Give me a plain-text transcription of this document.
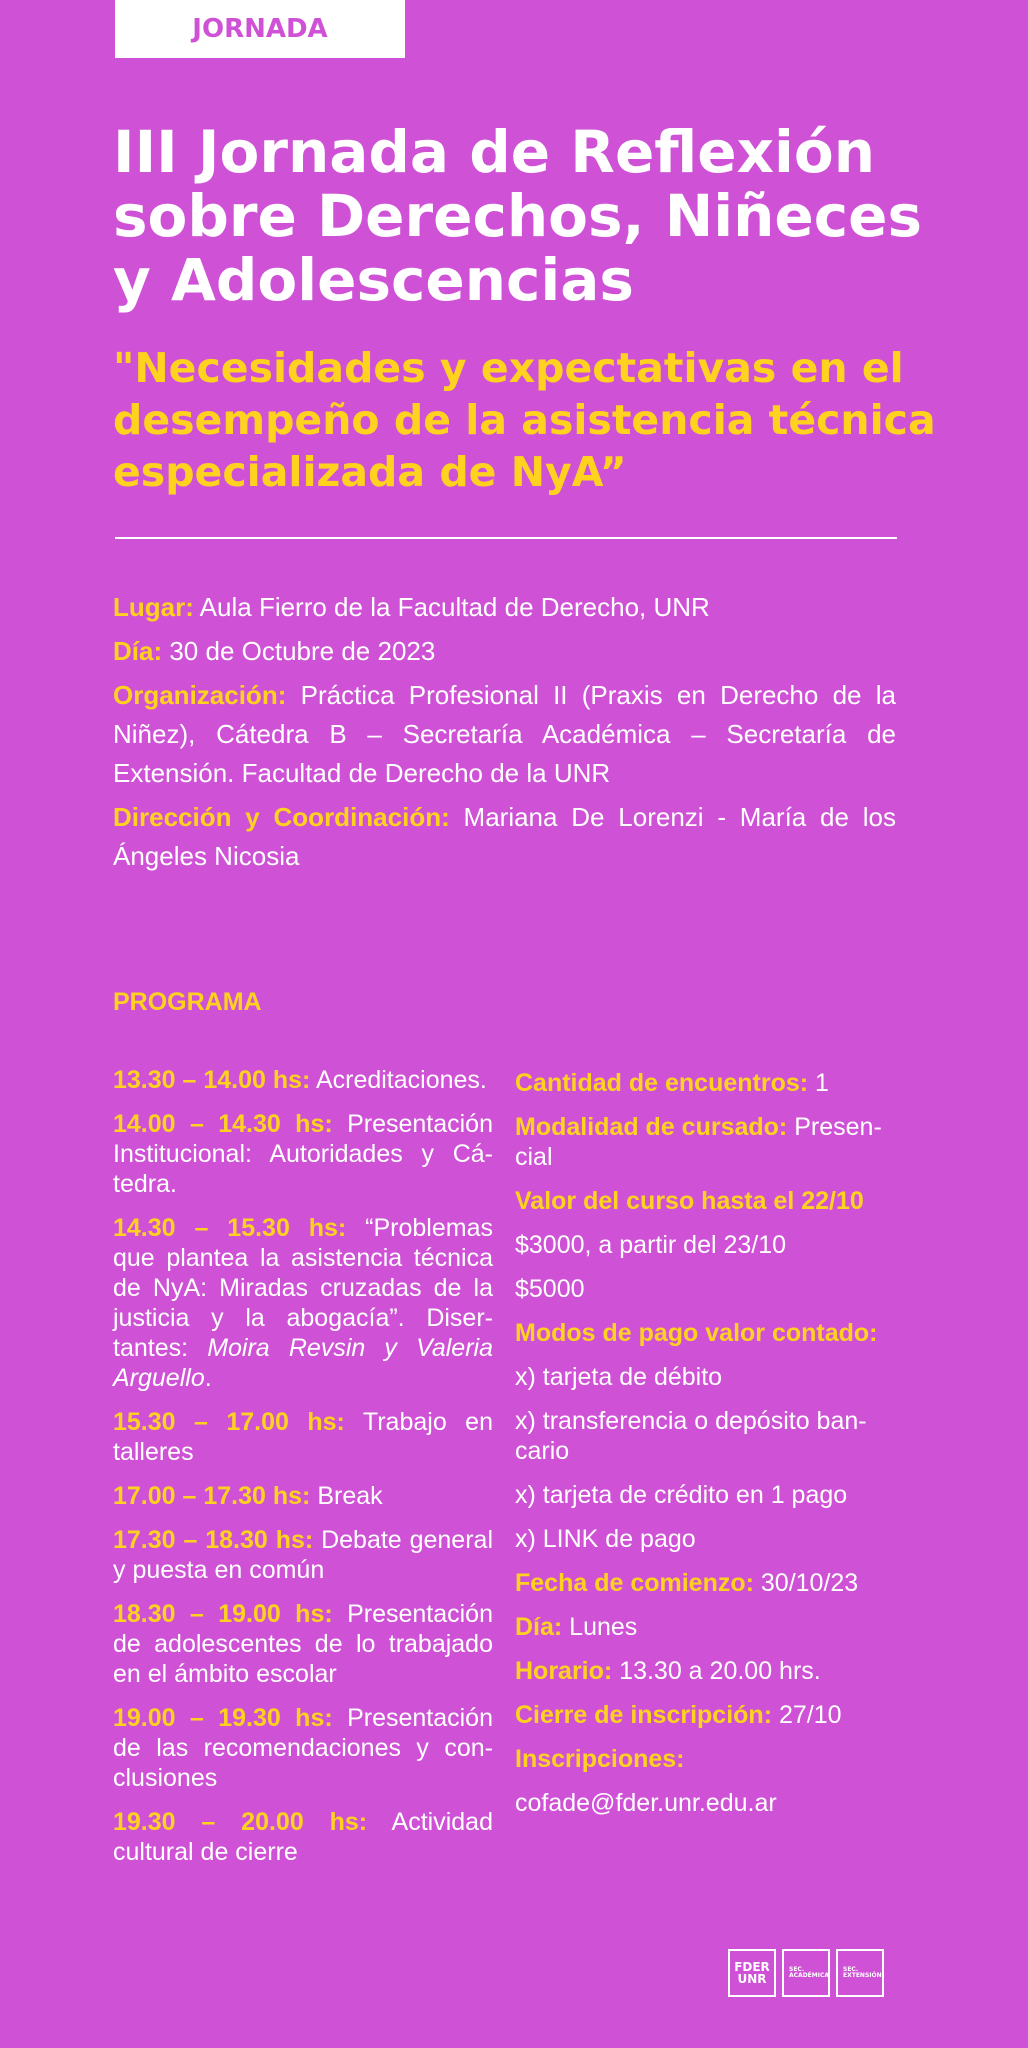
JORNADA
III Jornada de Reflexión sobre Derechos, Niñeces y Adolescencias
"Necesidades y expectativas en el desempeño de la asistencia técnica especializada de NyA”

Lugar: Aula Fierro de la Facultad de Derecho, UNR

Día: 30 de Octubre de 2023

Organización: Práctica Profesional II (Praxis en Derecho de la Niñez), Cátedra B – Secretaría Académica – Secretaría de Extensión. Facultad de Derecho de la UNR

Dirección y Coordinación: Mariana De Lorenzi - María de los Ángeles Nicosia

PROGRAMA

13.30 – 14.00 hs: Acreditaciones.

14.00 – 14.30 hs: Presentación Institucional: Autoridades y Cátedra.

14.30 – 15.30 hs: “Problemas que plantea la asistencia técnica de NyA: Miradas cruzadas de la justicia y la abogacía”. Disertantes: Moira Revsin y Valeria Arguello.

15.30 – 17.00 hs: Trabajo en talleres

17.00 – 17.30 hs: Break

17.30 – 18.30 hs: Debate general y puesta en común

18.30 – 19.00 hs: Presentación de adolescentes de lo trabajado en el ámbito escolar

19.00 – 19.30 hs: Presentación de las recomendaciones y conclusiones

19.30 – 20.00 hs: Actividad cultural de cierre

Cantidad de encuentros: 1

Modalidad de cursado: Presencial

Valor del curso hasta el 22/10

$3000, a partir del 23/10

$5000

Modos de pago valor contado:

x) tarjeta de débito

x) transferencia o depósito bancario

x) tarjeta de crédito en 1 pago

x) LINK de pago

Fecha de comienzo: 30/10/23

Día: Lunes

Horario: 13.30 a 20.00 hrs.

Cierre de inscripción: 27/10

Inscripciones:

cofade@fder.unr.edu.ar

FDER
UNR
SEC.
ACADÉMICA
SEC.
EXTENSIÓN
